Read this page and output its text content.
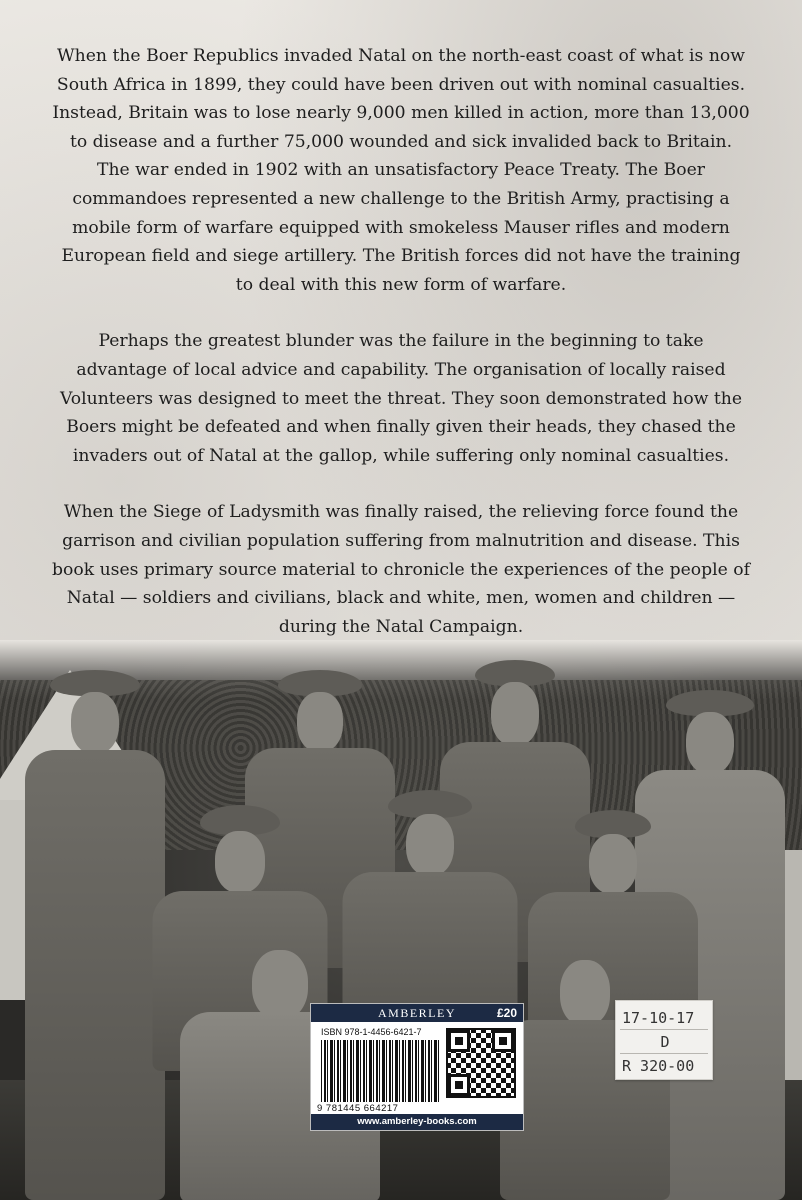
When the Boer Republics invaded Natal on the north-east coast of what is now South Africa in 1899, they could have been driven out with nominal casualties. Instead, Britain was to lose nearly 9,000 men killed in action, more than 13,000 to disease and a further 75,000 wounded and sick invalided back to Britain. The war ended in 1902 with an unsatisfactory Peace Treaty. The Boer commandoes represented a new challenge to the British Army, practising a mobile form of warfare equipped with smokeless Mauser rifles and modern European field and siege artillery. The British forces did not have the training to deal with this new form of warfare.

Perhaps the greatest blunder was the failure in the beginning to take advantage of local advice and capability. The organisation of locally raised Volunteers was designed to meet the threat. They soon demonstrated how the Boers might be defeated and when finally given their heads, they chased the invaders out of Natal at the gallop, while suffering only nominal casualties.

When the Siege of Ladysmith was finally raised, the relieving force found the garrison and civilian population suffering from malnutrition and disease. This book uses primary source material to chronicle the experiences of the people of Natal — soldiers and civilians, black and white, men, women and children — during the Natal Campaign.

AMBERLEY	£20
ISBN 978-1-4456-6421-7
9 781445 664217
www.amberley-books.com
17-10-17
D
R 320-00
